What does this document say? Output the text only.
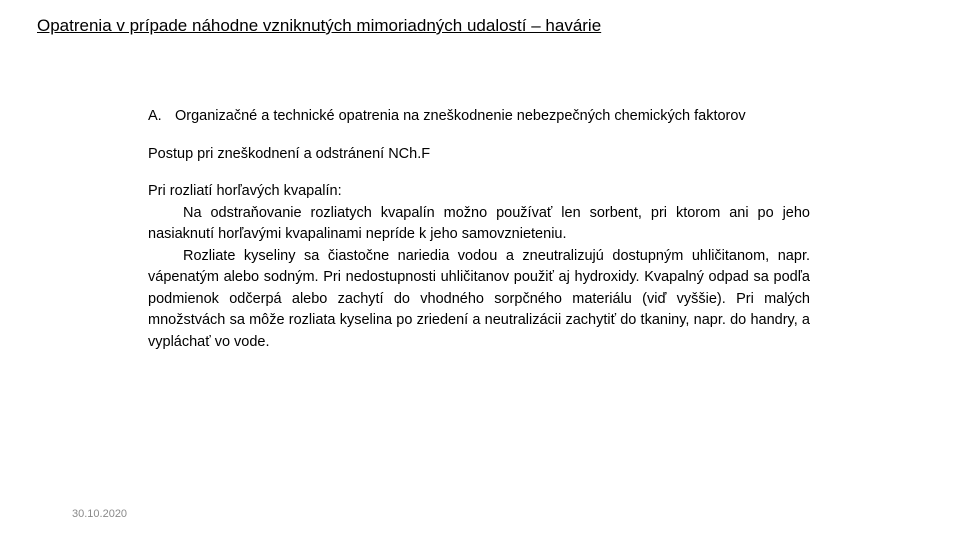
Opatrenia v prípade náhodne vzniknutých mimoriadných udalostí – havárie
A. Organizačné a technické opatrenia na zneškodnenie nebezpečných chemických faktorov
Postup pri zneškodnení a odstránení NCh.F
Pri rozliatí horľavých kvapalín:
Na odstraňovanie rozliatych kvapalín možno používať len sorbent, pri ktorom ani po jeho nasiaknutí horľavými kvapalinami nepríde k jeho samovznieteniu.
Rozliate kyseliny sa čiastočne nariedia vodou a zneutralizujú dostupným uhličitanom, napr. vápenatým alebo sodným. Pri nedostupnosti uhličitanov použiť aj hydroxidy. Kvapalný odpad sa podľa podmienok odčerpá alebo zachytí do vhodného sorpčného materiálu (viď vyššie). Pri malých množstvách sa môže rozliata kyselina po zriedení a neutralizácii zachytiť do tkaniny, napr. do handry, a vypláchať vo vode.
30.10.2020
